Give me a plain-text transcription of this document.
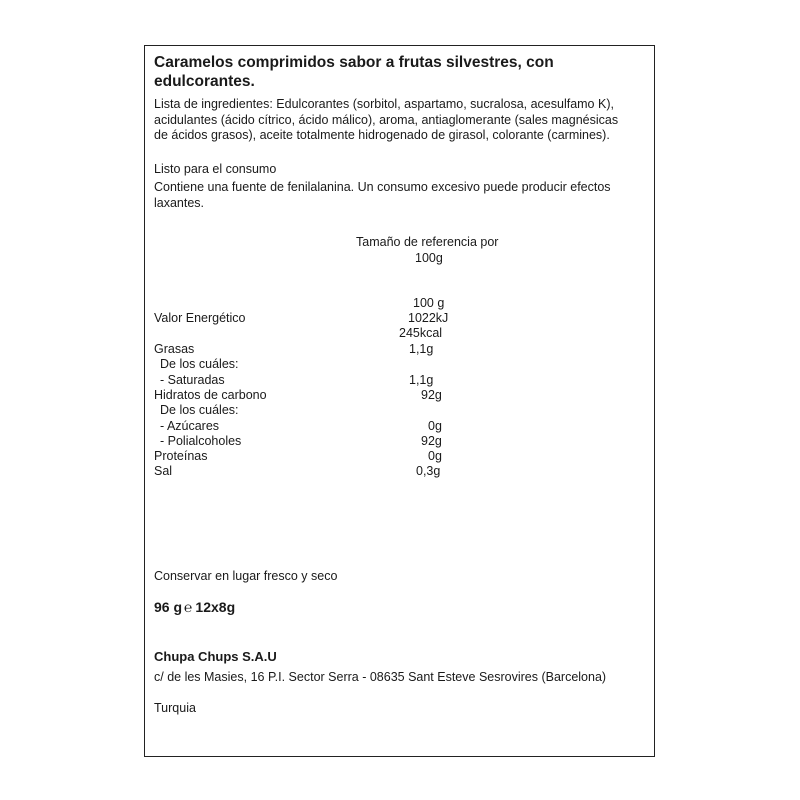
Caramelos comprimidos sabor a frutas silvestres, con edulcorantes.
Lista de ingredientes: Edulcorantes (sorbitol, aspartamo, sucralosa, acesulfamo K), acidulantes (ácido cítrico, ácido málico), aroma, antiaglomerante (sales magnésicas de ácidos grasos), aceite totalmente hidrogenado de girasol, colorante (carmines).
Listo para el consumo
Contiene una fuente de fenilalanina. Un consumo excesivo puede producir efectos laxantes.
Tamaño de referencia por
100g
100 g
Valor Energético	1022kJ
245kcal
Grasas	1,1g
De los cuáles:
- Saturadas	1,1g
Hidratos de carbono	92g
De los cuáles:
- Azúcares	0g
- Polialcoholes	92g
Proteínas	0g
Sal	0,3g
Conservar en lugar fresco y seco
96 g ℮ 12x8g
Chupa Chups S.A.U
c/ de les Masies, 16 P.I. Sector Serra - 08635 Sant Esteve Sesrovires (Barcelona)
Turquia
